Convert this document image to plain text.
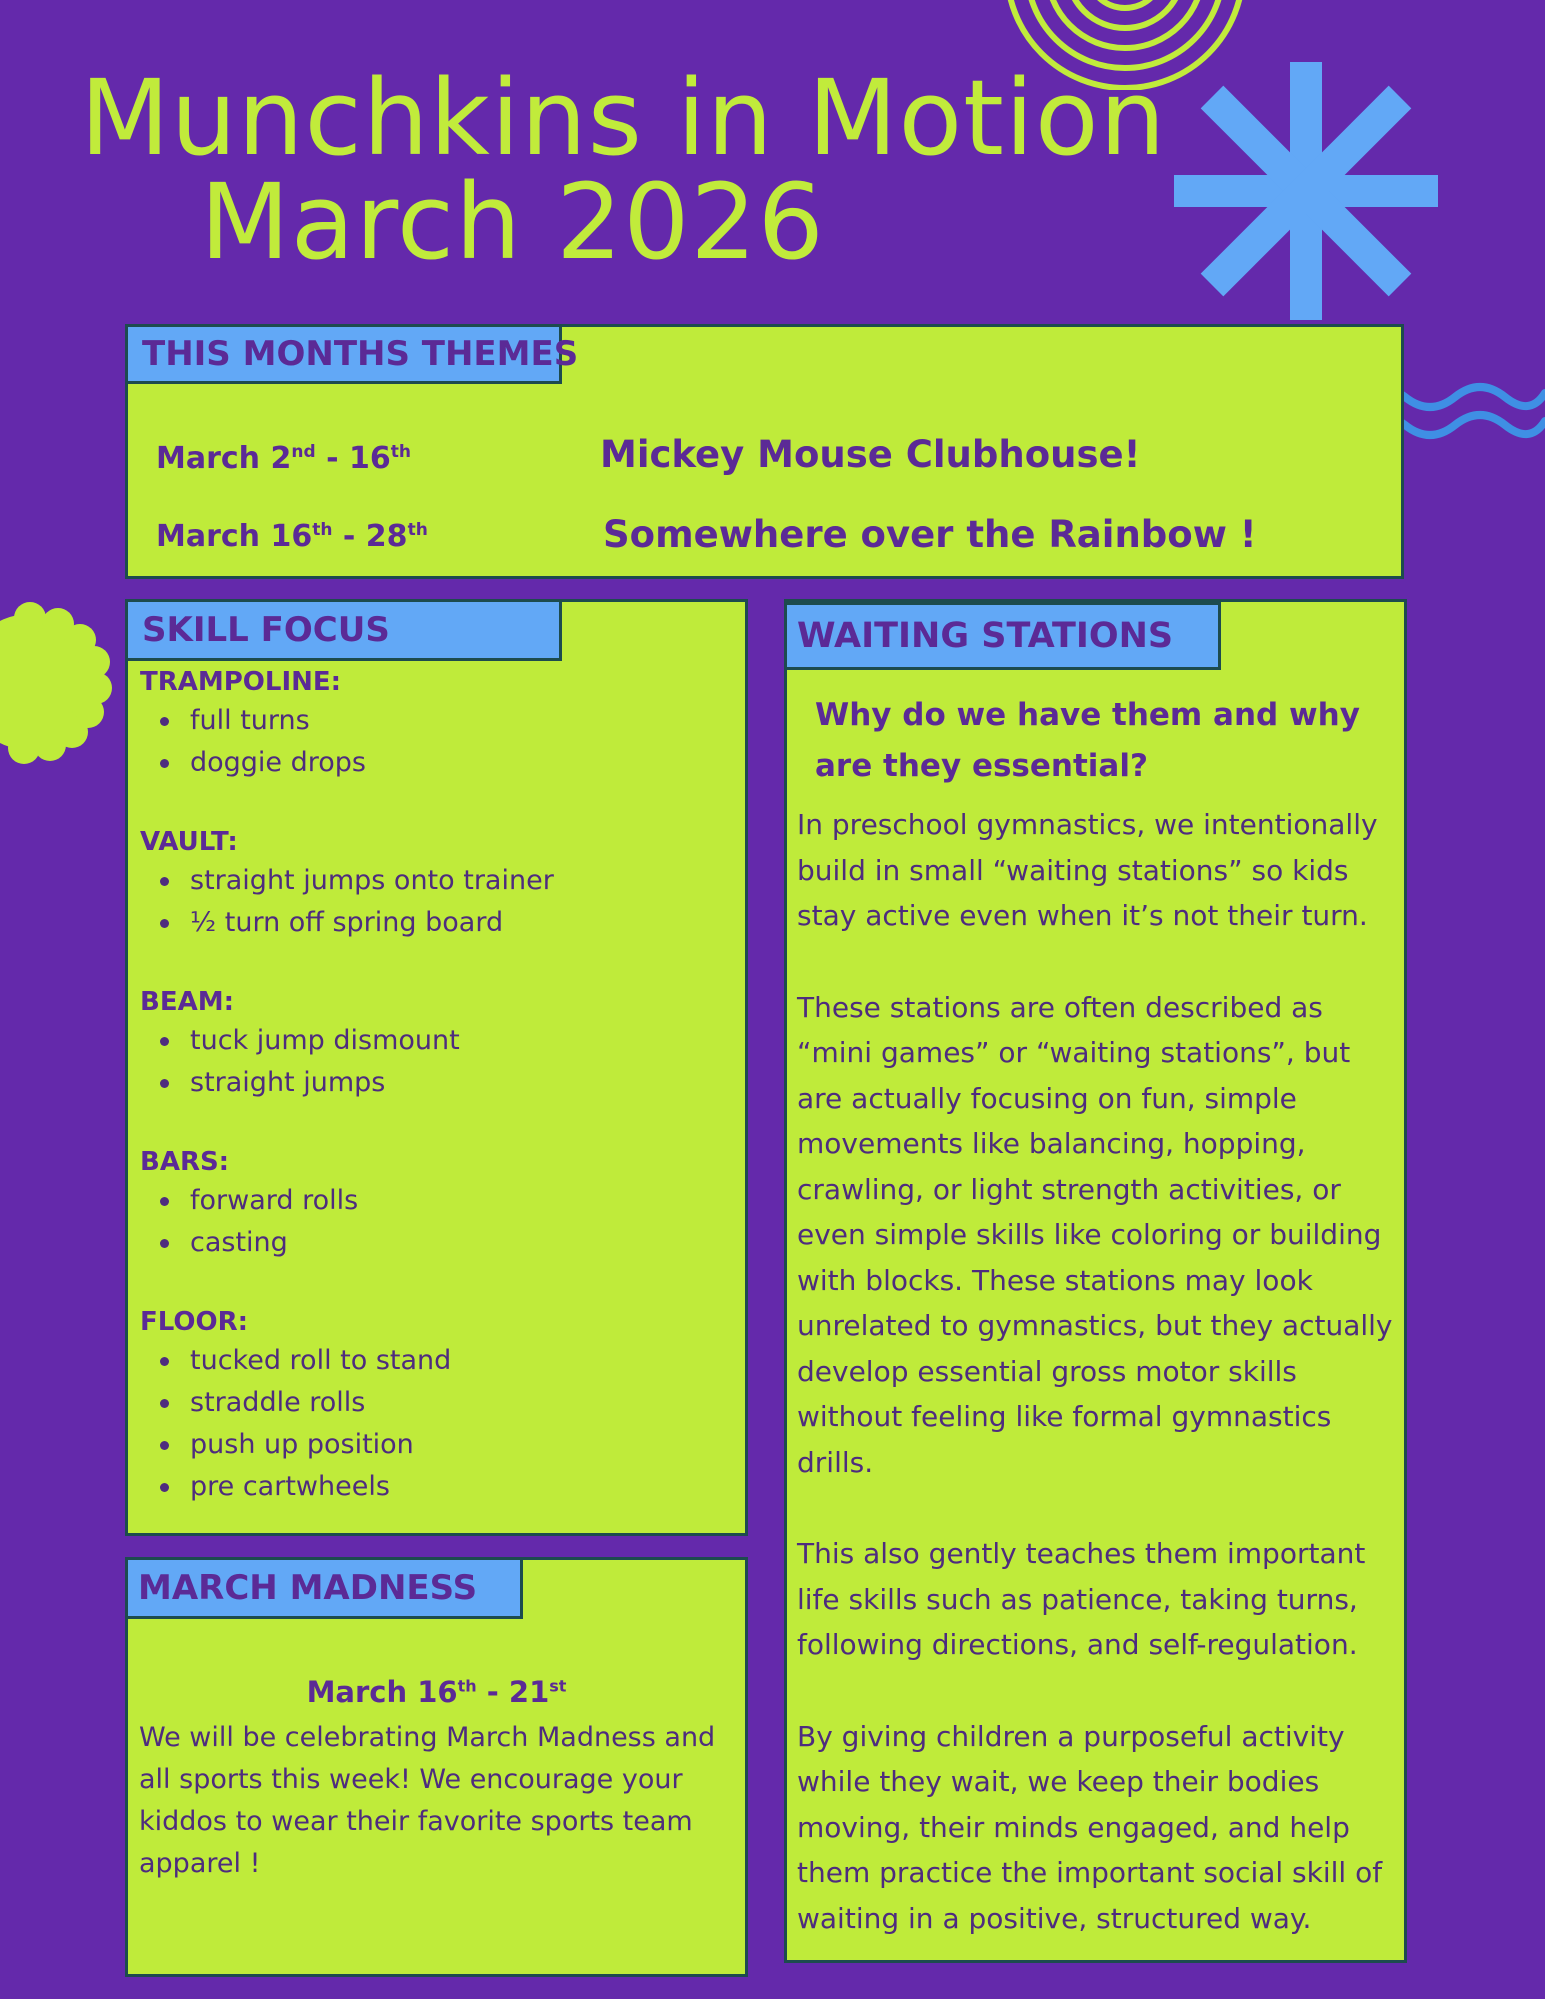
Munchkins in Motion
March 2026
THIS MONTHS THEMES
March 2nd - 16th	Mickey Mouse Clubhouse!
March 16th - 28th	Somewhere over the Rainbow !
SKILL FOCUS
TRAMPOLINE:
full turns
doggie drops
VAULT:
straight jumps onto trainer
½ turn off spring board
BEAM:
tuck jump dismount
straight jumps
BARS:
forward rolls
casting
FLOOR:
tucked roll to stand
straddle rolls
push up position
pre cartwheels
MARCH MADNESS
March 16th - 21st
We will be celebrating March Madness and all sports this week! We encourage your kiddos to wear their favorite sports team apparel !
WAITING STATIONS
Why do we have them and why are they essential?

In preschool gymnastics, we intentionally build in small “waiting stations” so kids stay active even when it’s not their turn.

These stations are often described as “mini games” or “waiting stations”, but are actually focusing on fun, simple movements like balancing, hopping, crawling, or light strength activities, or even simple skills like coloring or building with blocks. These stations may look unrelated to gymnastics, but they actually develop essential gross motor skills without feeling like formal gymnastics drills.

This also gently teaches them important life skills such as patience, taking turns, following directions, and self-regulation.

By giving children a purposeful activity while they wait, we keep their bodies moving, their minds engaged, and help them practice the important social skill of waiting in a positive, structured way.
